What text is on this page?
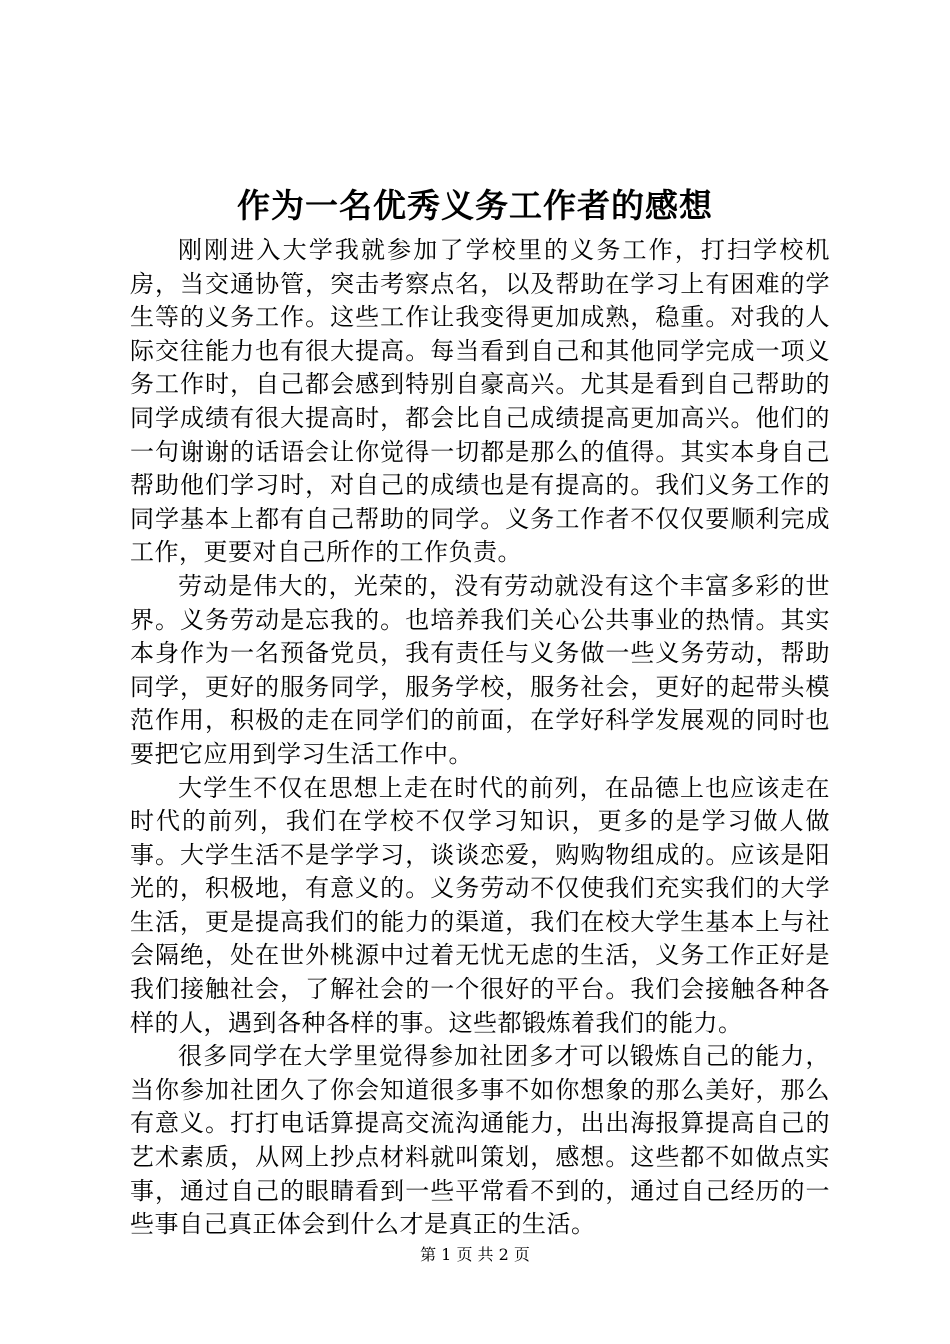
作为一名优秀义务工作者的感想

刚刚进入大学我就参加了学校里的义务工作，打扫学校机房，当交通协管，突击考察点名，以及帮助在学习上有困难的学生等的义务工作。这些工作让我变得更加成熟，稳重。对我的人际交往能力也有很大提高。每当看到自己和其他同学完成一项义务工作时，自己都会感到特别自豪高兴。尤其是看到自己帮助的同学成绩有很大提高时，都会比自己成绩提高更加高兴。他们的一句谢谢的话语会让你觉得一切都是那么的值得。其实本身自己帮助他们学习时，对自己的成绩也是有提高的。我们义务工作的同学基本上都有自己帮助的同学。义务工作者不仅仅要顺利完成工作，更要对自己所作的工作负责。

劳动是伟大的，光荣的，没有劳动就没有这个丰富多彩的世界。义务劳动是忘我的。也培养我们关心公共事业的热情。其实本身作为一名预备党员，我有责任与义务做一些义务劳动，帮助同学，更好的服务同学，服务学校，服务社会，更好的起带头模范作用，积极的走在同学们的前面，在学好科学发展观的同时也要把它应用到学习生活工作中。

大学生不仅在思想上走在时代的前列，在品德上也应该走在时代的前列，我们在学校不仅学习知识，更多的是学习做人做事。大学生活不是学学习，谈谈恋爱，购购物组成的。应该是阳光的，积极地，有意义的。义务劳动不仅使我们充实我们的大学生活，更是提高我们的能力的渠道，我们在校大学生基本上与社会隔绝，处在世外桃源中过着无忧无虑的生活，义务工作正好是我们接触社会，了解社会的一个很好的平台。我们会接触各种各样的人，遇到各种各样的事。这些都锻炼着我们的能力。

很多同学在大学里觉得参加社团多才可以锻炼自己的能力，当你参加社团久了你会知道很多事不如你想象的那么美好，那么有意义。打打电话算提高交流沟通能力，出出海报算提高自己的艺术素质，从网上抄点材料就叫策划，感想。这些都不如做点实事，通过自己的眼睛看到一些平常看不到的，通过自己经历的一些事自己真正体会到什么才是真正的生活。

第 1 页 共 2 页
